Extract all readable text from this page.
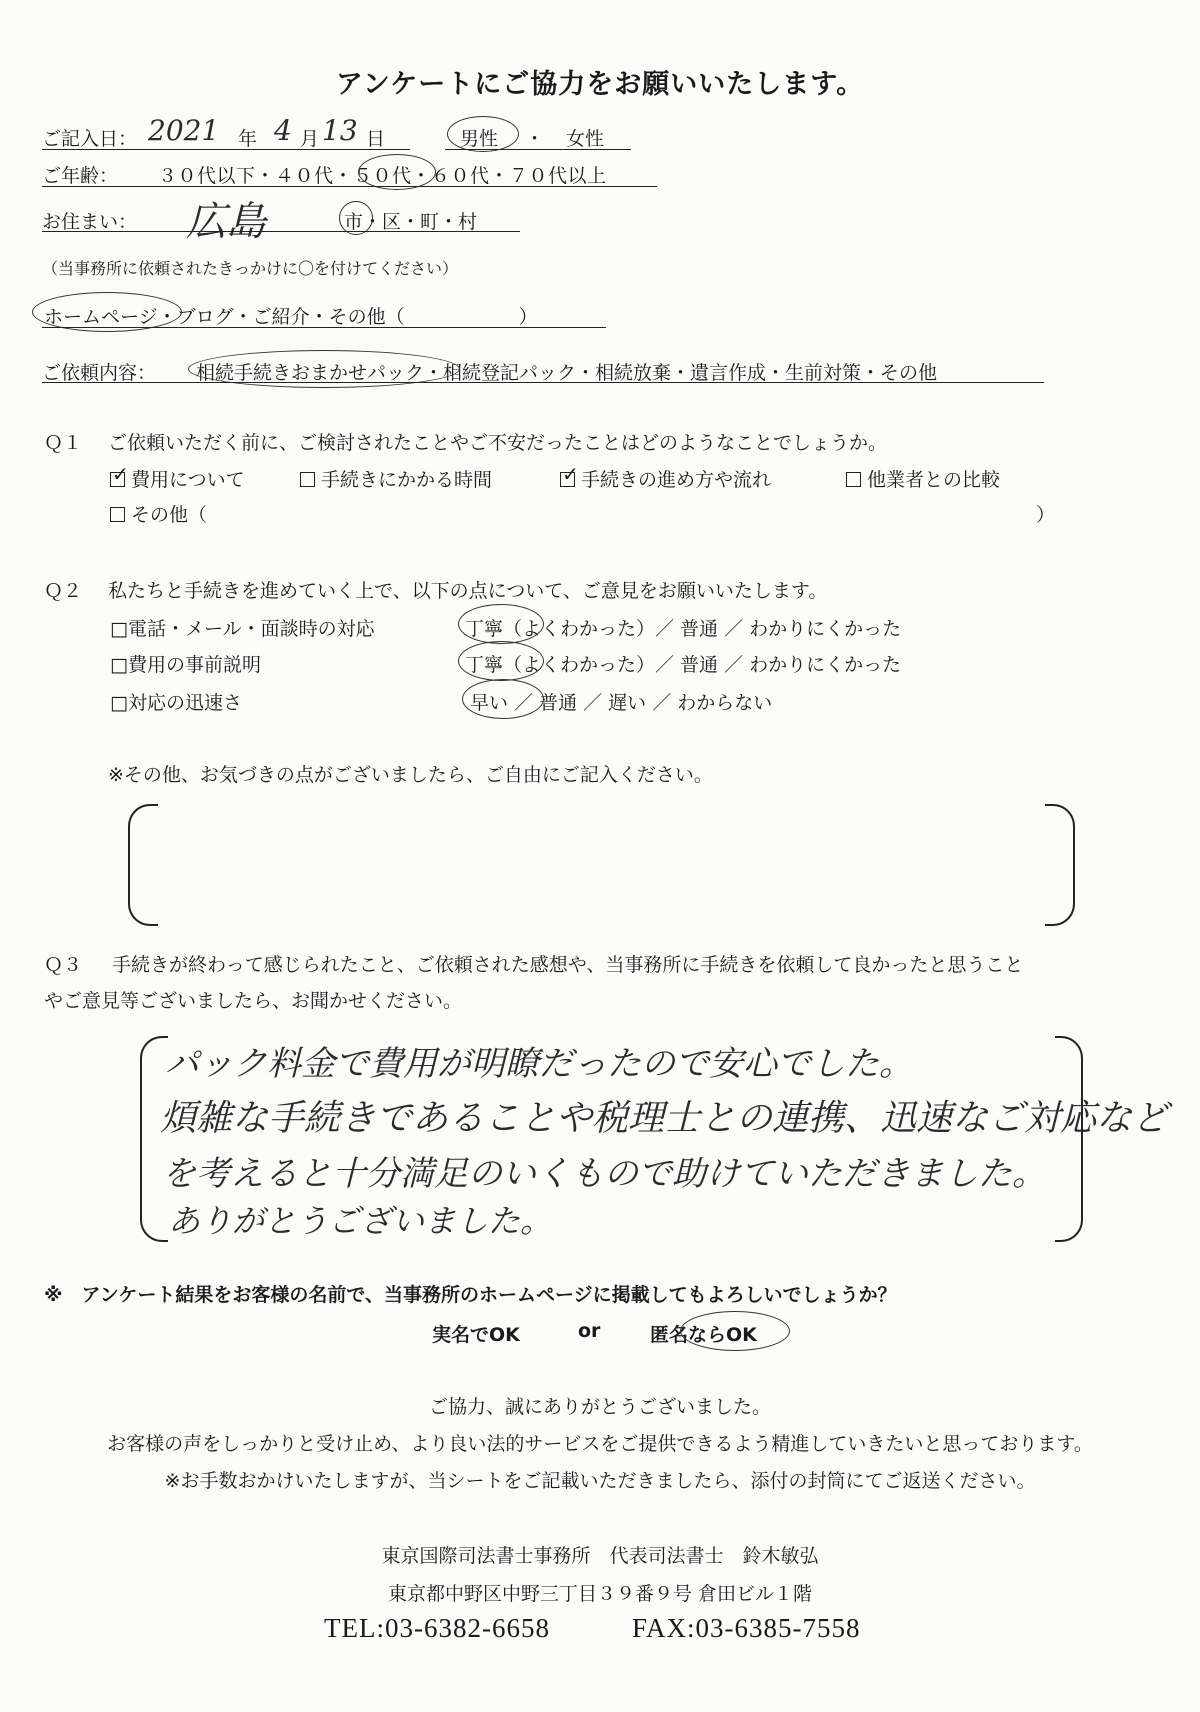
アンケートにご協力をお願いいたします。
ご記入日： 2021 年 4 月 13 日	男性 ・ 女性
ご年齢： ３０代以下・４０代・５０代・６０代・７０代以上
お住まい： 広島	市・区・町・村
（当事務所に依頼されたきっかけに〇を付けてください）
ホームページ・ブログ・ご紹介・その他（　　　　　　）
ご依頼内容： 相続手続きおまかせパック・相続登記パック・相続放棄・遺言作成・生前対策・その他
Ｑ１ ご依頼いただく前に、ご検討されたことやご不安だったことはどのようなことでしょうか。
✓費用について	手続きにかかる時間
✓	手続きの進め方や流れ	他業者との比較
その他（	）
Ｑ２ 私たちと手続きを進めていく上で、以下の点について、ご意見をお願いいたします。
□電話・メール・面談時の対応	丁寧（よくわかった）／ 普通 ／ わかりにくかった
□費用の事前説明	丁寧（よくわかった）／ 普通 ／ わかりにくかった
□対応の迅速さ	早い ／ 普通 ／ 遅い ／ わからない
※その他、お気づきの点がございましたら、ご自由にご記入ください。
Ｑ３ 手続きが終わって感じられたこと、ご依頼された感想や、当事務所に手続きを依頼して良かったと思うこと
やご意見等ございましたら、お聞かせください。
パック料金で費用が明瞭だったので安心でした。
煩雑な手続きであることや税理士との連携、迅速なご対応など
を考えると十分満足のいくもので助けていただきました。
ありがとうございました。
※　アンケート結果をお客様の名前で、当事務所のホームページに掲載してもよろしいでしょうか？
実名でOK	or	匿名ならOK
ご協力、誠にありがとうございました。
お客様の声をしっかりと受け止め、より良い法的サービスをご提供できるよう精進していきたいと思っております。
※お手数おかけいたしますが、当シートをご記載いただきましたら、添付の封筒にてご返送ください。
東京国際司法書士事務所　代表司法書士　鈴木敏弘
東京都中野区中野三丁目３９番９号 倉田ビル１階
TEL:03-6382-6658	FAX:03-6385-7558
